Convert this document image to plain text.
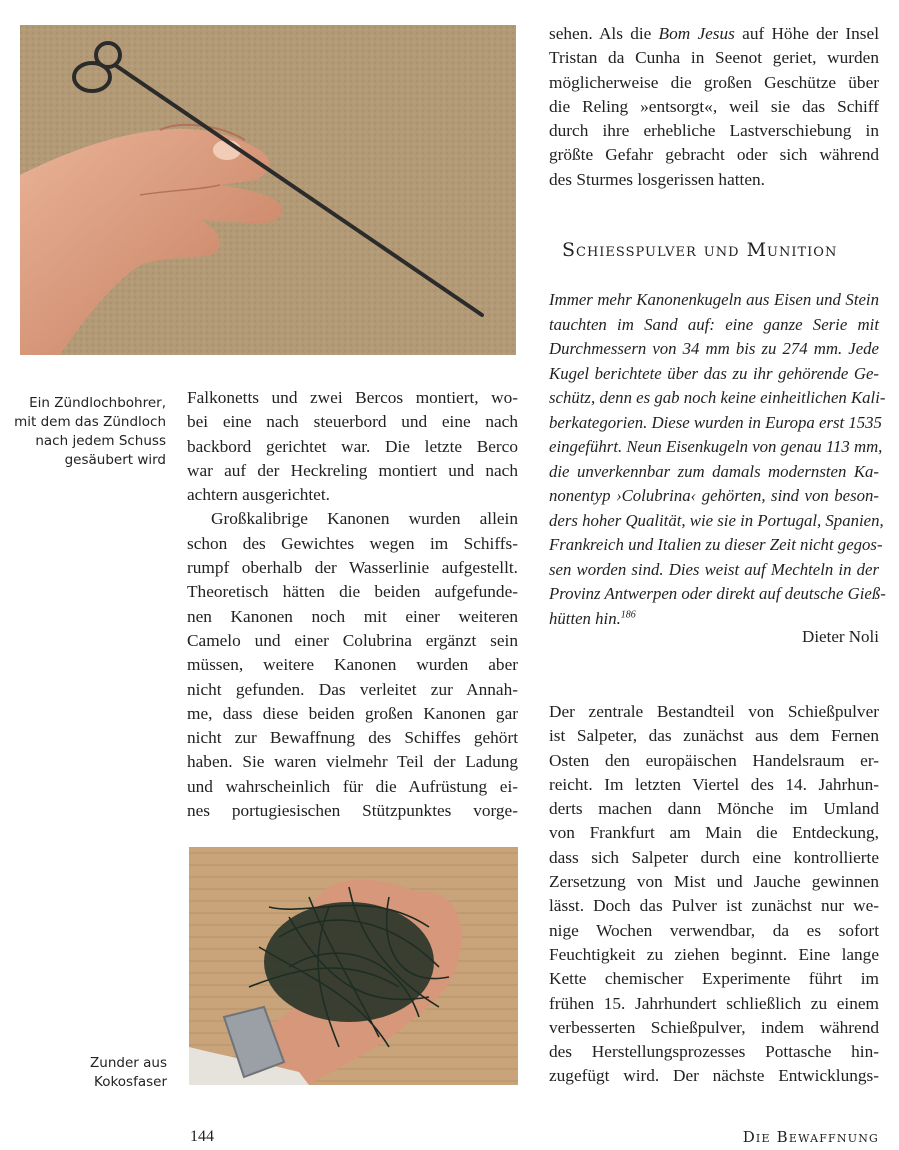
Ein Zündlochbohrer,
mit dem das Zündloch
nach jedem Schuss
gesäubert wird
Zunder aus
Kokosfaser
Falkonetts und zwei Bercos montiert, wo-
bei eine nach steuerbord und eine nach
backbord gerichtet war. Die letzte Berco
war auf der Heckreling montiert und nach
achtern ausgerichtet.
Großkalibrige Kanonen wurden allein
schon des Gewichtes wegen im Schiffs-
rumpf oberhalb der Wasserlinie aufgestellt.
Theoretisch hätten die beiden aufgefunde-
nen Kanonen noch mit einer weiteren
Camelo und einer Colubrina ergänzt sein
müssen, weitere Kanonen wurden aber
nicht gefunden. Das verleitet zur Annah-
me, dass diese beiden großen Kanonen gar
nicht zur Bewaffnung des Schiffes gehört
haben. Sie waren vielmehr Teil der Ladung
und wahrscheinlich für die Aufrüstung ei-
nes portugiesischen Stützpunktes vorge-
sehen. Als die Bom Jesus auf Höhe der Insel
Tristan da Cunha in Seenot geriet, wurden
möglicherweise die großen Geschütze über
die Reling »entsorgt«, weil sie das Schiff
durch ihre erhebliche Lastverschiebung in
größte Gefahr gebracht oder sich während
des Sturmes losgerissen hatten.
Schiesspulver und Munition
Immer mehr Kanonenkugeln aus Eisen und Stein
tauchten im Sand auf: eine ganze Serie mit
Durchmessern von 34 mm bis zu 274 mm. Jede
Kugel berichtete über das zu ihr gehörende Ge-
schütz, denn es gab noch keine einheitlichen Kali-
berkategorien. Diese wurden in Europa erst 1535
eingeführt. Neun Eisenkugeln von genau 113 mm,
die unverkennbar zum damals modernsten Ka-
nonentyp ›Colubrina‹ gehörten, sind von beson-
ders hoher Qualität, wie sie in Portugal, Spanien,
Frankreich und Italien zu dieser Zeit nicht gegos-
sen worden sind. Dies weist auf Mechteln in der
Provinz Antwerpen oder direkt auf deutsche Gieß-
hütten hin.$^{186}$
Dieter Noli
Der zentrale Bestandteil von Schießpulver
ist Salpeter, das zunächst aus dem Fernen
Osten den europäischen Handelsraum er-
reicht. Im letzten Viertel des 14. Jahrhun-
derts machen dann Mönche im Umland
von Frankfurt am Main die Entdeckung,
dass sich Salpeter durch eine kontrollierte
Zersetzung von Mist und Jauche gewinnen
lässt. Doch das Pulver ist zunächst nur we-
nige Wochen verwendbar, da es sofort
Feuchtigkeit zu ziehen beginnt. Eine lange
Kette chemischer Experimente führt im
frühen 15. Jahrhundert schließlich zu einem
verbesserten Schießpulver, indem während
des Herstellungsprozesses Pottasche hin-
zugefügt wird. Der nächste Entwicklungs-
144	Die Bewaffnung
